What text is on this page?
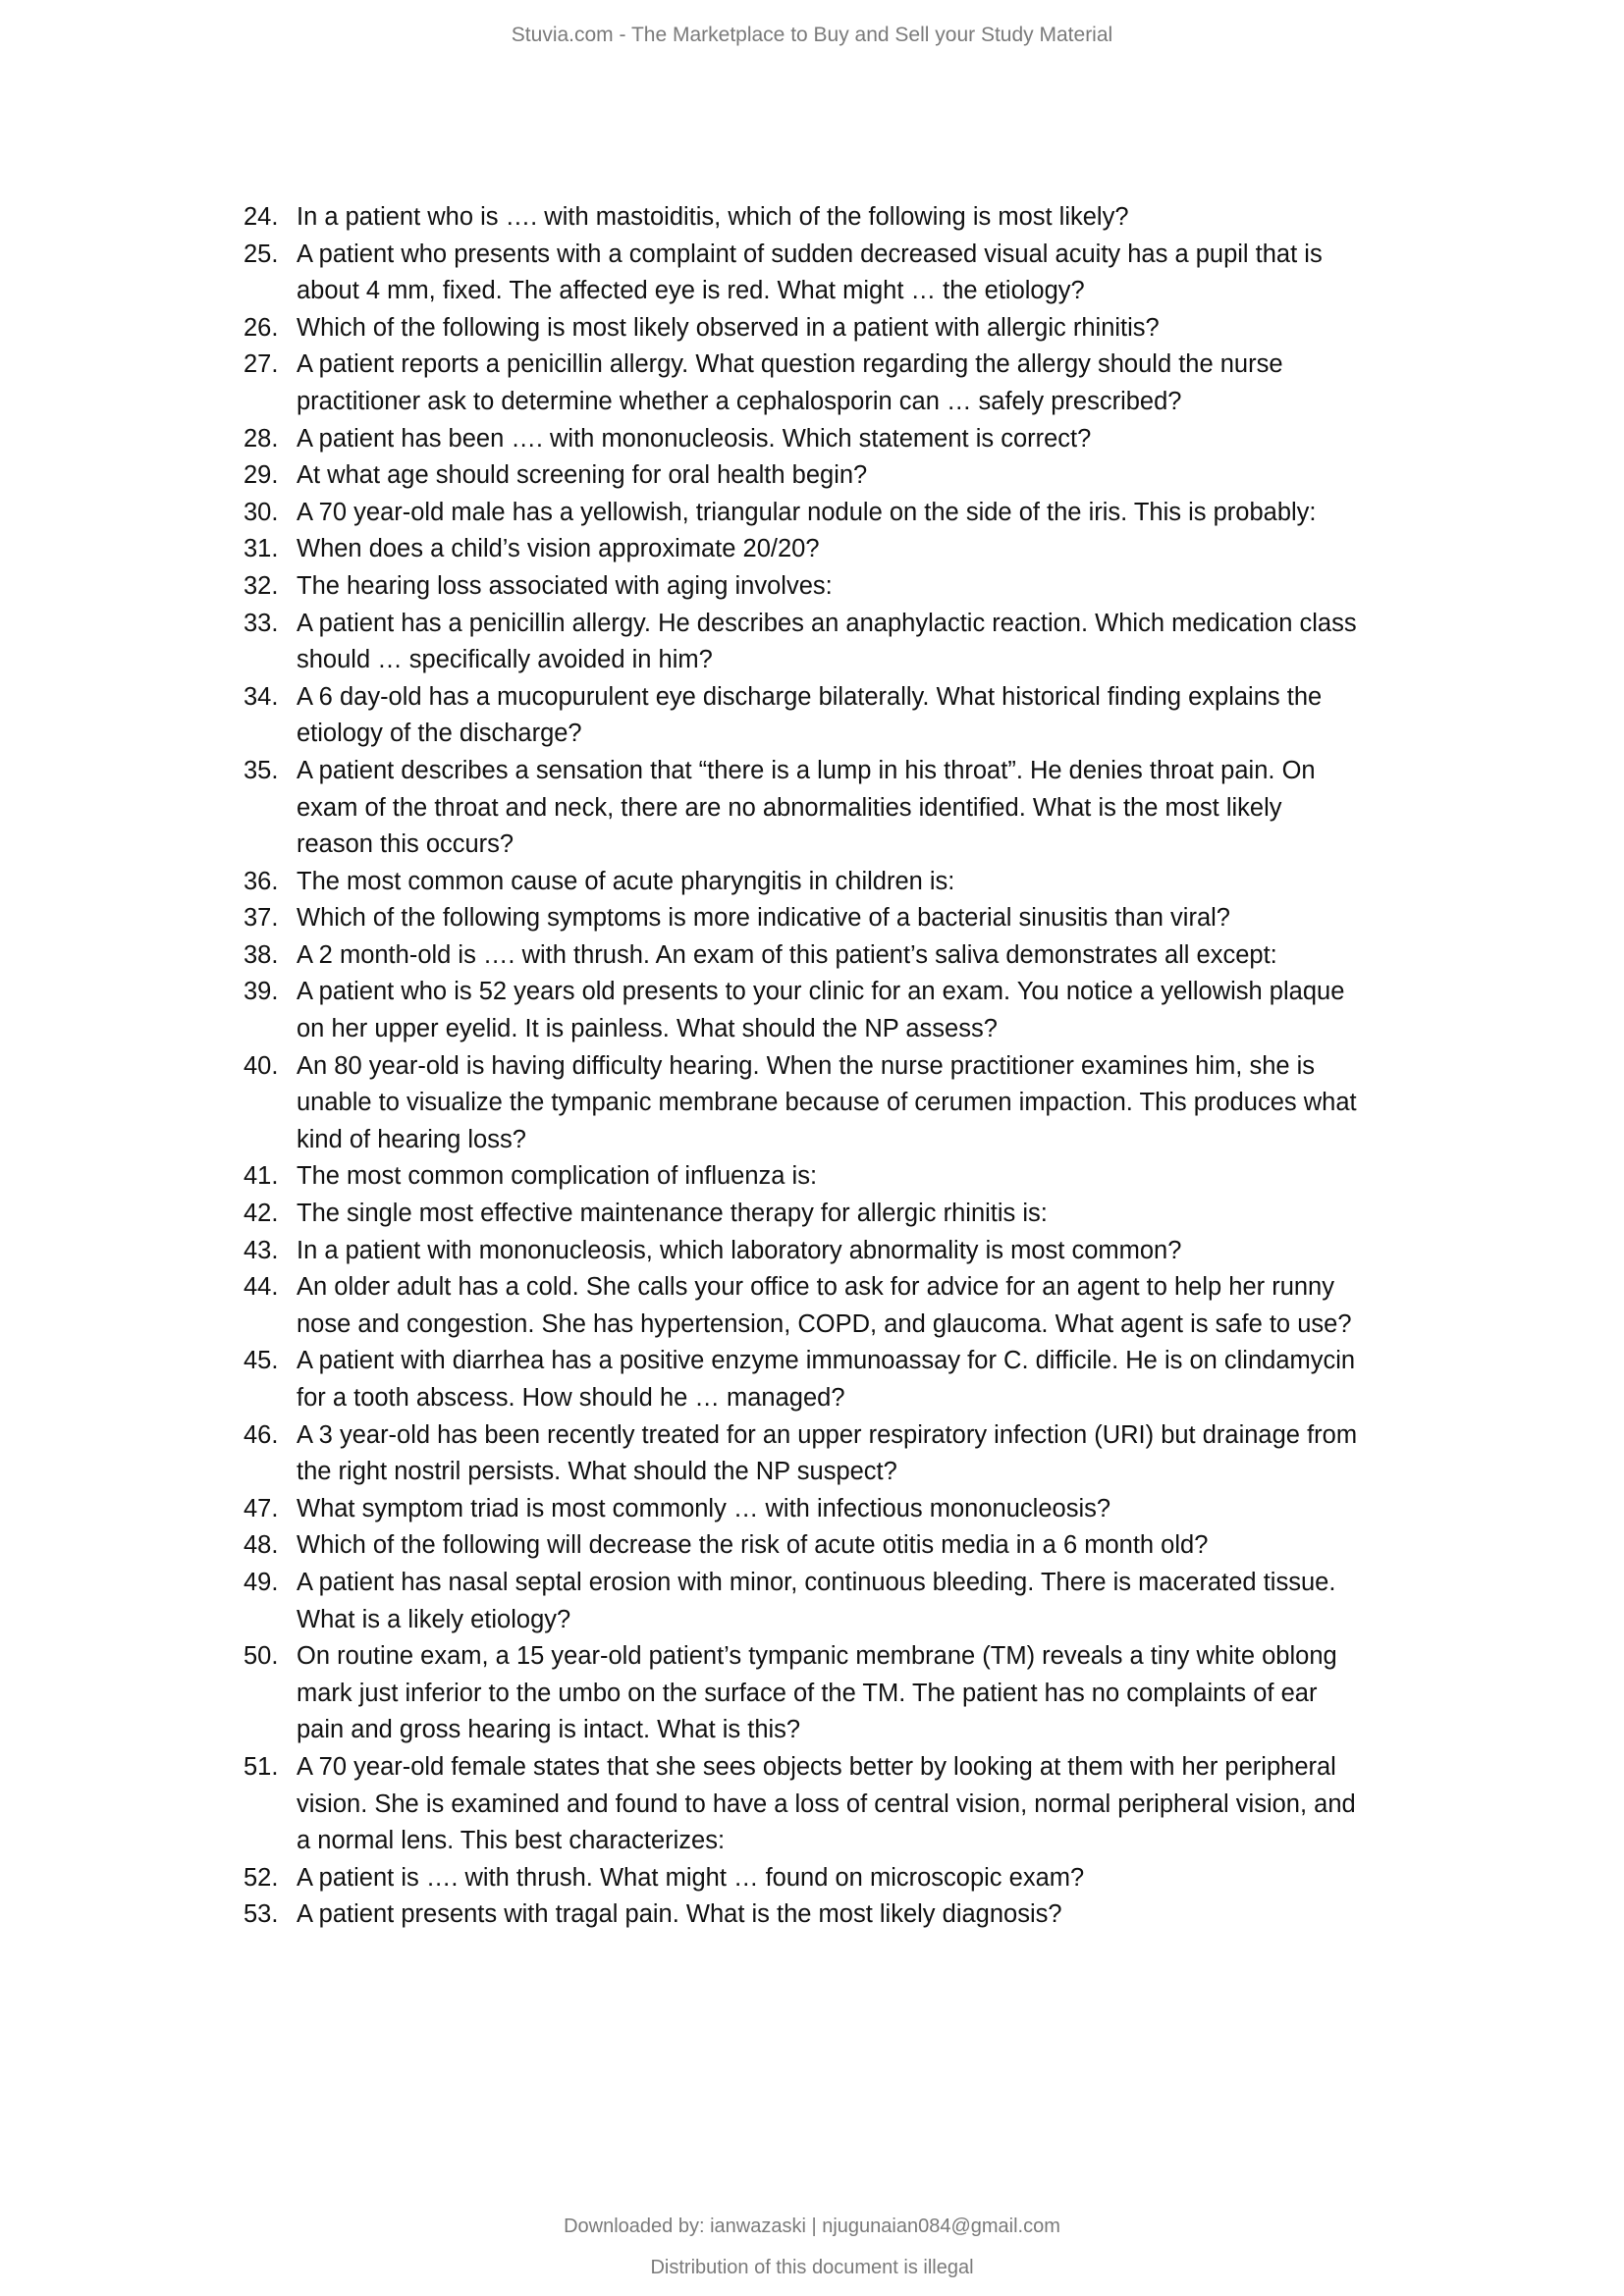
Stuvia.com - The Marketplace to Buy and Sell your Study Material
24. In a patient who is …. with mastoiditis, which of the following is most likely?
25. A patient who presents with a complaint of sudden decreased visual acuity has a pupil that is
about 4 mm, fixed. The affected eye is red. What might … the etiology?
26. Which of the following is most likely observed in a patient with allergic rhinitis?
27. A patient reports a penicillin allergy. What question regarding the allergy should the nurse
practitioner ask to determine whether a cephalosporin can … safely prescribed?
28. A patient has been …. with mononucleosis. Which statement is correct?
29. At what age should screening for oral health begin?
30. A 70 year-old male has a yellowish, triangular nodule on the side of the iris. This is probably:
31. When does a child’s vision approximate 20/20?
32. The hearing loss associated with aging involves:
33. A patient has a penicillin allergy. He describes an anaphylactic reaction. Which medication class
should … specifically avoided in him?
34. A 6 day-old has a mucopurulent eye discharge bilaterally. What historical finding explains the
etiology of the discharge?
35. A patient describes a sensation that “there is a lump in his throat”. He denies throat pain. On
exam of the throat and neck, there are no abnormalities identified. What is the most likely
reason this occurs?
36. The most common cause of acute pharyngitis in children is:
37. Which of the following symptoms is more indicative of a bacterial sinusitis than viral?
38. A 2 month-old is …. with thrush. An exam of this patient’s saliva demonstrates all except:
39. A patient who is 52 years old presents to your clinic for an exam. You notice a yellowish plaque
on her upper eyelid. It is painless. What should the NP assess?
40. An 80 year-old is having difficulty hearing. When the nurse practitioner examines him, she is
unable to visualize the tympanic membrane because of cerumen impaction. This produces what
kind of hearing loss?
41. The most common complication of influenza is:
42. The single most effective maintenance therapy for allergic rhinitis is:
43. In a patient with mononucleosis, which laboratory abnormality is most common?
44. An older adult has a cold. She calls your office to ask for advice for an agent to help her runny
nose and congestion. She has hypertension, COPD, and glaucoma. What agent is safe to use?
45. A patient with diarrhea has a positive enzyme immunoassay for C. difficile. He is on clindamycin
for a tooth abscess. How should he … managed?
46. A 3 year-old has been recently treated for an upper respiratory infection (URI) but drainage from
the right nostril persists. What should the NP suspect?
47. What symptom triad is most commonly … with infectious mononucleosis?
48. Which of the following will decrease the risk of acute otitis media in a 6 month old?
49. A patient has nasal septal erosion with minor, continuous bleeding. There is macerated tissue.
What is a likely etiology?
50. On routine exam, a 15 year-old patient’s tympanic membrane (TM) reveals a tiny white oblong
mark just inferior to the umbo on the surface of the TM. The patient has no complaints of ear
pain and gross hearing is intact. What is this?
51. A 70 year-old female states that she sees objects better by looking at them with her peripheral
vision. She is examined and found to have a loss of central vision, normal peripheral vision, and
a normal lens. This best characterizes:
52. A patient is …. with thrush. What might … found on microscopic exam?
53. A patient presents with tragal pain. What is the most likely diagnosis?
Downloaded by: ianwazaski | njugunaian084@gmail.com
Distribution of this document is illegal
